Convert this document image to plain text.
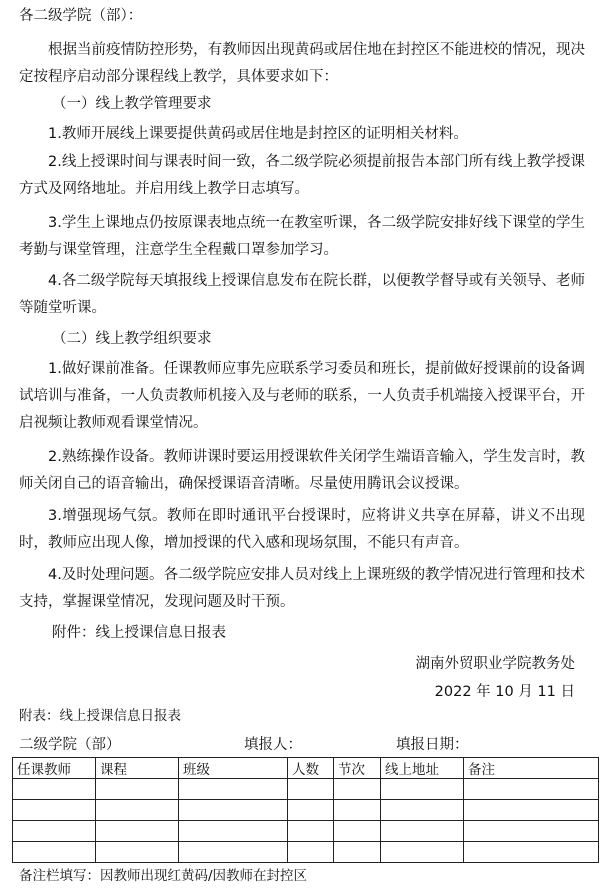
各二级学院（部）：

根据当前疫情防控形势，有教师因出现黄码或居住地在封控区不能进校的情况，现决定按程序启动部分课程线上教学，具体要求如下：

（一）线上教学管理要求

1.教师开展线上课要提供黄码或居住地是封控区的证明相关材料。

2.线上授课时间与课表时间一致，各二级学院必须提前报告本部门所有线上教学授课方式及网络地址。并启用线上教学日志填写。

3.学生上课地点仍按原课表地点统一在教室听课，各二级学院安排好线下课堂的学生考勤与课堂管理，注意学生全程戴口罩参加学习。

4.各二级学院每天填报线上授课信息发布在院长群，以便教学督导或有关领导、老师等随堂听课。

（二）线上教学组织要求

1.做好课前准备。任课教师应事先应联系学习委员和班长，提前做好授课前的设备调试培训与准备，一人负责教师机接入及与老师的联系，一人负责手机端接入授课平台，开启视频让教师观看课堂情况。

2.熟练操作设备。教师讲课时要运用授课软件关闭学生端语音输入，学生发言时，教师关闭自己的语音输出，确保授课语音清晰。尽量使用腾讯会议授课。

3.增强现场气氛。教师在即时通讯平台授课时，应将讲义共享在屏幕，讲义不出现时，教师应出现人像，增加授课的代入感和现场氛围，不能只有声音。

4.及时处理问题。各二级学院应安排人员对线上上课班级的教学情况进行管理和技术支持，掌握课堂情况，发现问题及时干预。

附件：线上授课信息日报表

湖南外贸职业学院教务处

2022 年 10 月 11 日

附表：线上授课信息日报表

二级学院（部）	填报人：	填报日期：

任课教师	课程	班级	人数	节次	线上地址	备注

备注栏填写：因教师出现红黄码/因教师在封控区
